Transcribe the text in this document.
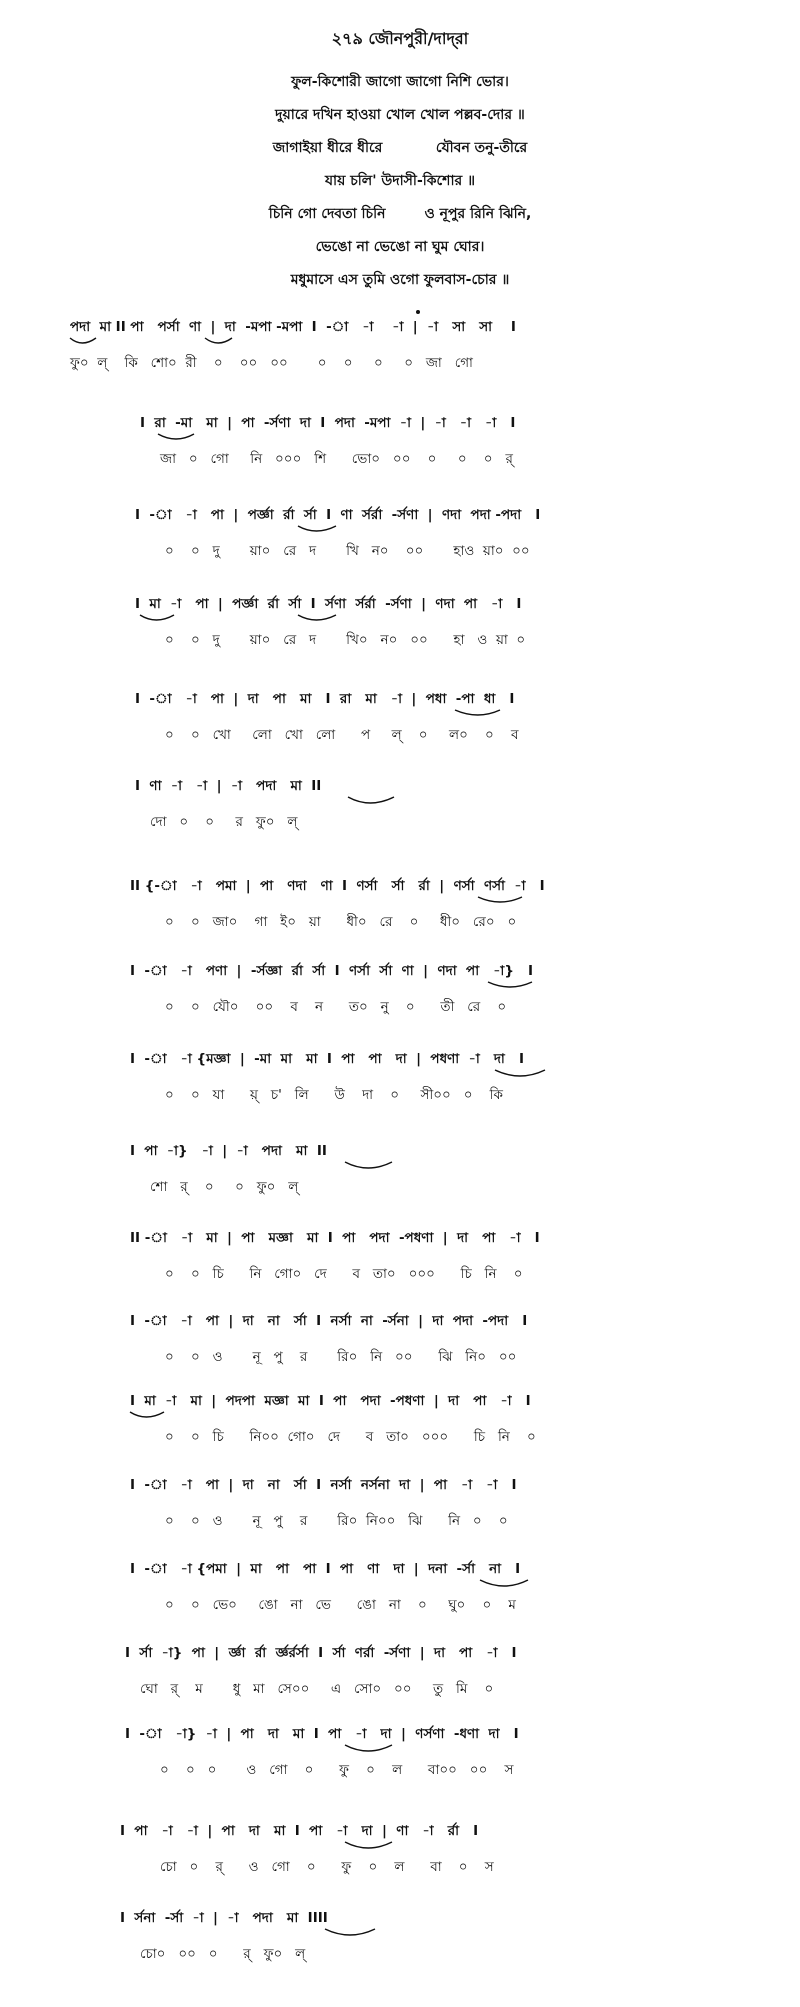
২৭৯ জৌনপুরী/দাদ্‌রা
ফুল-কিশোরী জাগো জাগো নিশি ভোর।
দুয়ারে দখিন হাওয়া খোল খোল পল্লব-দোর ॥
জাগাইয়া ধীরে ধীরে           যৌবন তনু-তীরে
যায় চলি' উদাসী-কিশোর ॥
চিনি গো দেবতা চিনি        ও নূপুর রিনি ঝিনি,
ভেঙো না ভেঙো না ঘুম ঘোর।
মধুমাসে এস তুমি ওগো ফুলবাস-চোর ॥
পদা  মা II পা   পর্সা  ণা  |  দা  -মপা -মপা  I  -া   -া    -া  |  -া   সা   সা    I
ফু০  ল্    কি   শো০  রী    ০    ০০   ০০       ০    ০     ০     ০   জা   গো
I  রা  -মা   মা  |  পা  -র্সণা  দা  I  পদা  -মপা  -া  |  -া   -া   -া   I
জা   ০   গো     নি   ০০০   শি      ভো০   ০০    ০     ০    ০   র্
I  -া   -া   পা  |  পর্জ্ঞা  র্রা  র্সা  I  ণা  র্সর্রা  -র্সণা  |  ণদা  পদা -পদা   I
০    ০   দু       য়া০   রে   দ       খি   ন০    ০০       হাও  য়া০  ০০
I  মা  -া   পা  |  পর্জ্ঞা  র্রা  র্সা  I  র্সণা  র্সর্রা  -র্সণা  |  ণদা  পা   -া   I
০    ০   দু       য়া০   রে   দ       খি০   ন০   ০০      হা   ও  য়া  ০
I  -া   -া   পা  |  দা   পা   মা   I  রা   মা   -া  |  পধা  -পা  ধা   I
০    ০   খো     লো   খো   লো      প     ল্    ০     ল০    ০    ব
I  ণা  -া   -া  |  -া   পদা   মা  II
দো   ০    ০     র   ফু০   ল্
II {-া   -া   পমা  |  পা   ণদা   ণা  I  ণর্সা   র্সা   র্রা  |  ণর্সা  ণর্সা  -া   I
০    ০   জা০    গা   ই০   য়া      ধী০   রে    ০     ধী০   রে০   ০
I  -া   -া   পণা  |  -র্সজ্ঞা  র্রা  র্সা  I  ণর্সা  র্সা  ণা  |  ণদা  পা   -া}   I
০    ০   যৌ০    ০০    ব    ন      ত০   নু    ০      তী   রে    ০
I  -া   -া {মজ্ঞা  |  -মা  মা   মা  I  পা   পা   দা  |  পধণা  -া   দা   I
০    ০   যা      য়্   চ'   লি      উ    দা    ০     সী০০   ০    কি
I  পা  -া}   -া  |  -া   পদা   মা  II
শো   র্    ০     ০   ফু০   ল্
II -া   -া   মা  |  পা   মজ্ঞা   মা  I  পা   পদা  -পধণা  |  দা   পা   -া   I
০    ০   চি      নি   গো০   দে      ব   তা০   ০০০      চি   নি    ০
I  -া   -া   পা  |  দা   না   র্সা  I  নর্সা  না  -র্সনা  |  দা  পদা  -পদা   I
০    ০   ও       নূ   পু    র       রি০   নি   ০০      ঝি   নি০   ০০
I  মা  -া   মা  |  পদপা  মজ্ঞা  মা  I  পা   পদা  -পধণা  |  দা   পা   -া   I
০    ০   চি      নি০০  গো০   দে      ব   তা০   ০০০      চি   নি    ০
I  -া   -া   পা  |  দা   না   র্সা  I  নর্সা  নর্সনা  দা  |  পা   -া   -া   I
০    ০   ও       নূ   পু    র       রি০  নি০০   ঝি      নি   ০    ০
I  -া   -া {পমা  |  মা   পা   পা  I  পা   ণা   দা  |  দনা  -র্সা   না   I
০    ০   ভে০     ঙো   না   ভে      ঙো   না    ০     ঘু০    ০    ম
I  র্সা  -া}  পা  |  র্জ্ঞা  র্রা  র্জ্ঞর্রর্সা  I  র্সা  ণর্রা  -র্সণা  |  দা   পা   -া   I
ঘো   র্    ম       ধু   মা   সে০০     এ   সো০   ০০     তু   মি    ০
I  -া   -া}  -া  |  পা   দা   মা  I  পা   -া   দা  |  ণর্সণা  -ধণা  দা   I
০    ০   ০       ও   গো    ০      ফু    ০    ল      বা০০   ০০    স
I  পা   -া   -া  |  পা   দা   মা  I  পা   -া   দা  |  ণা   -া   র্রা   I
চো   ০    র্      ও   গো    ০      ফু    ০    ল      বা    ০    স
I  র্সনা  -র্সা  -া  |  -া   পদা   মা  IIII
চো০   ০০   ০      র্   ফু০   ল্
